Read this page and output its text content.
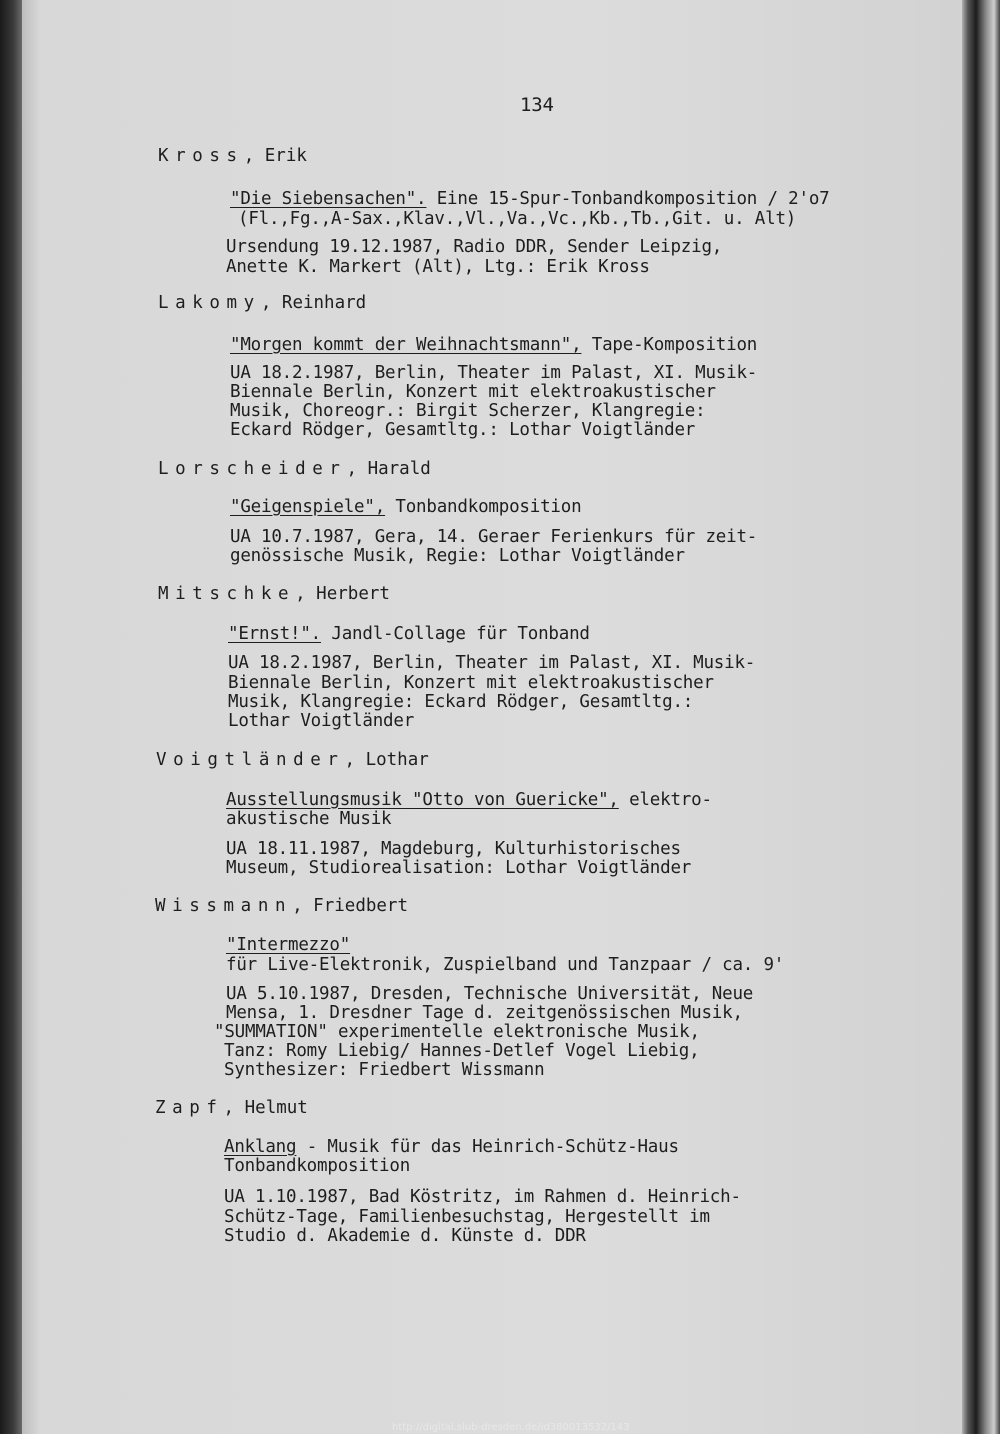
134
Kross, Erik
"Die Siebensachen". Eine 15-Spur-Tonbandkomposition / 2'o7
(Fl.,Fg.,A-Sax.,Klav.,Vl.,Va.,Vc.,Kb.,Tb.,Git. u. Alt)
Ursendung 19.12.1987, Radio DDR, Sender Leipzig,
Anette K. Markert (Alt), Ltg.: Erik Kross
Lakomy, Reinhard
"Morgen kommt der Weihnachtsmann", Tape-Komposition
UA 18.2.1987, Berlin, Theater im Palast, XI. Musik-
Biennale Berlin, Konzert mit elektroakustischer
Musik, Choreogr.: Birgit Scherzer, Klangregie:
Eckard Rödger, Gesamtltg.: Lothar Voigtländer
Lorscheider, Harald
"Geigenspiele", Tonbandkomposition
UA 10.7.1987, Gera, 14. Geraer Ferienkurs für zeit-
genössische Musik, Regie: Lothar Voigtländer
Mitschke, Herbert
"Ernst!". Jandl-Collage für Tonband
UA 18.2.1987, Berlin, Theater im Palast, XI. Musik-
Biennale Berlin, Konzert mit elektroakustischer
Musik, Klangregie: Eckard Rödger, Gesamtltg.:
Lothar Voigtländer
Voigtländer, Lothar
Ausstellungsmusik "Otto von Guericke", elektro-
akustische Musik
UA 18.11.1987, Magdeburg, Kulturhistorisches
Museum, Studiorealisation: Lothar Voigtländer
Wissmann, Friedbert
"Intermezzo"
für Live-Elektronik, Zuspielband und Tanzpaar / ca. 9'
UA 5.10.1987, Dresden, Technische Universität, Neue
Mensa, 1. Dresdner Tage d. zeitgenössischen Musik,
"SUMMATION" experimentelle elektronische Musik,
Tanz: Romy Liebig/ Hannes-Detlef Vogel Liebig,
Synthesizer: Friedbert Wissmann
Zapf, Helmut
Anklang - Musik für das Heinrich-Schütz-Haus
Tonbandkomposition
UA 1.10.1987, Bad Köstritz, im Rahmen d. Heinrich-
Schütz-Tage, Familienbesuchstag, Hergestellt im
Studio d. Akademie d. Künste d. DDR
http://digital.slub-dresden.de/id380013532/143
